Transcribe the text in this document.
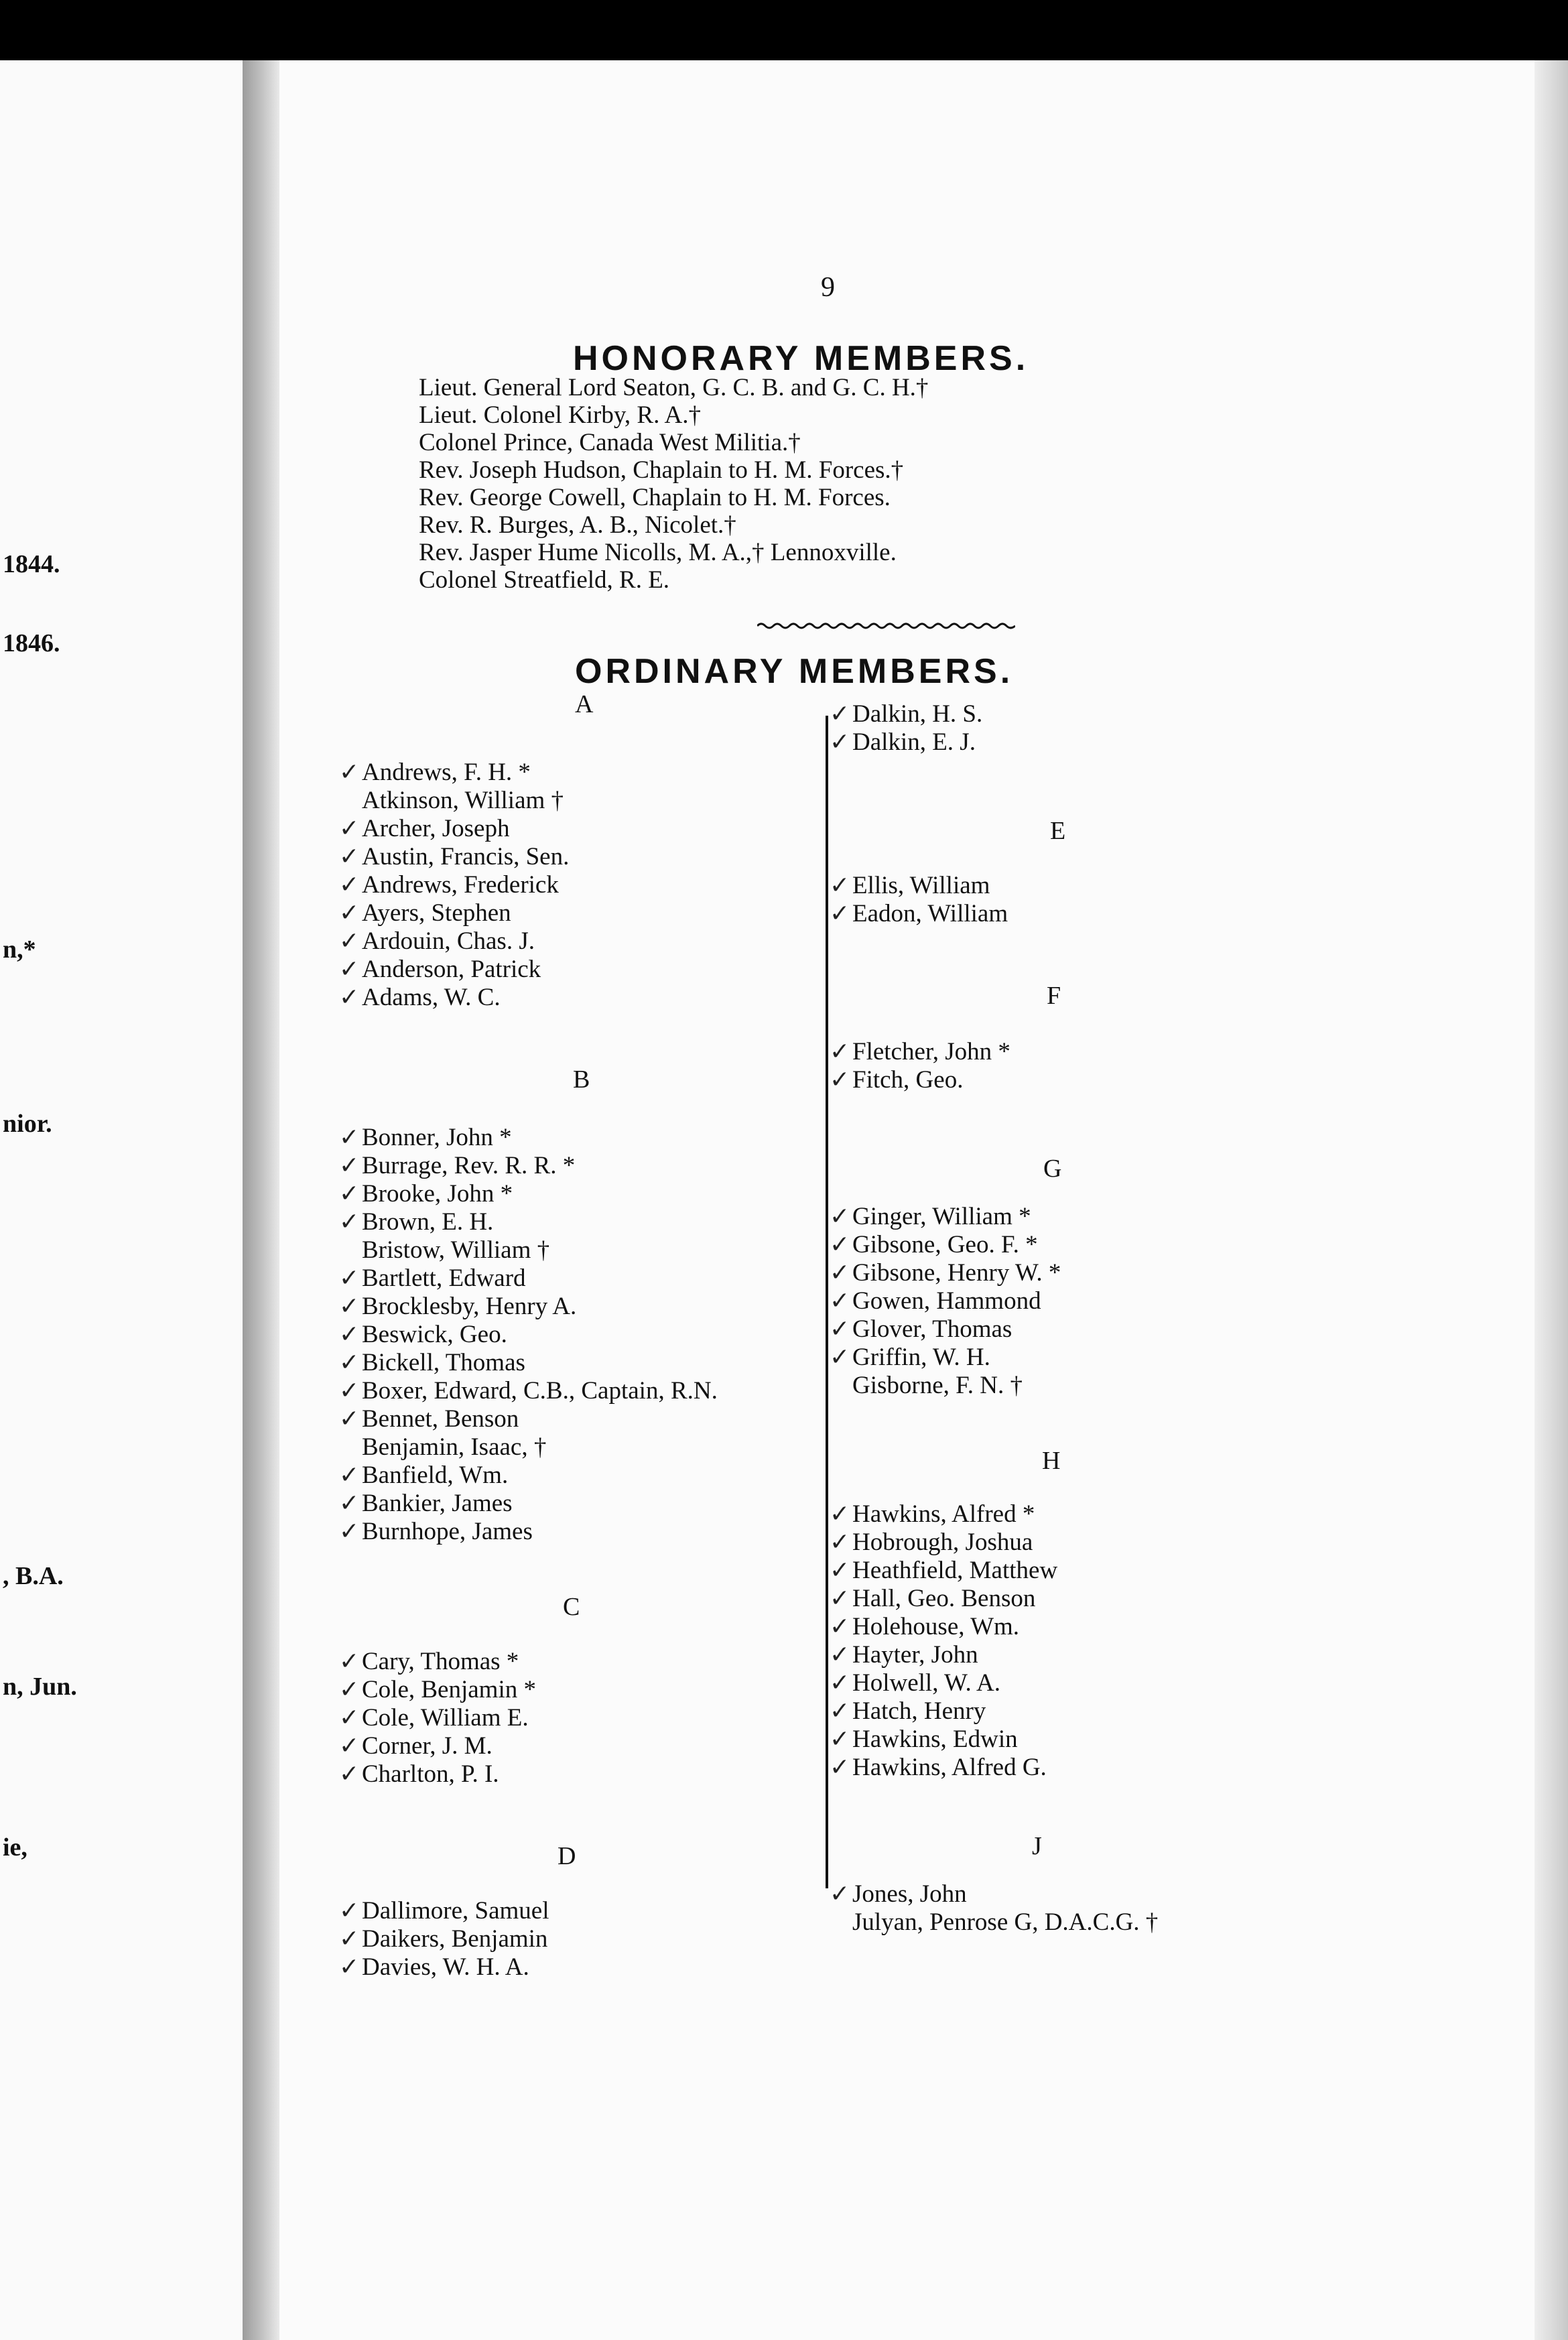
1844.
1846.
n,*
nior.
, B.A.
n, Jun.
ie,
9
HONORARY MEMBERS.
Lieut. General Lord Seaton, G. C. B. and G. C. H.†
Lieut. Colonel Kirby, R. A.†
Colonel Prince, Canada West Militia.†
Rev. Joseph Hudson, Chaplain to H. M. Forces.†
Rev. George Cowell, Chaplain to H. M. Forces.
Rev. R. Burges, A. B., Nicolet.†
Rev. Jasper Hume Nicolls, M. A.,† Lennoxville.
Colonel Streatfield, R. E.
ORDINARY MEMBERS.
A
✓ Andrews, F. H. *
Atkinson, William †
✓ Archer, Joseph
✓ Austin, Francis, Sen.
✓ Andrews, Frederick
✓ Ayers, Stephen
✓ Ardouin, Chas. J.
✓ Anderson, Patrick
✓ Adams, W. C.
B
✓ Bonner, John *
✓ Burrage, Rev. R. R. *
✓ Brooke, John *
✓ Brown, E. H.
Bristow, William †
✓ Bartlett, Edward
✓ Brocklesby, Henry A.
✓ Beswick, Geo.
✓ Bickell, Thomas
✓ Boxer, Edward, C.B., Captain, R.N.
✓ Bennet, Benson
Benjamin, Isaac, †
✓ Banfield, Wm.
✓ Bankier, James
✓ Burnhope, James
C
✓ Cary, Thomas *
✓ Cole, Benjamin *
✓ Cole, William E.
✓ Corner, J. M.
✓ Charlton, P. I.
D
✓ Dallimore, Samuel
✓ Daikers, Benjamin
✓ Davies, W. H. A.
✓ Dalkin, H. S.
✓ Dalkin, E. J.
E
✓ Ellis, William
✓ Eadon, William
F
✓ Fletcher, John *
✓ Fitch, Geo.
G
✓ Ginger, William *
✓ Gibsone, Geo. F. *
✓ Gibsone, Henry W. *
✓ Gowen, Hammond
✓ Glover, Thomas
✓ Griffin, W. H.
Gisborne, F. N. †
H
✓ Hawkins, Alfred *
✓ Hobrough, Joshua
✓ Heathfield, Matthew
✓ Hall, Geo. Benson
✓ Holehouse, Wm.
✓ Hayter, John
✓ Holwell, W. A.
✓ Hatch, Henry
✓ Hawkins, Edwin
✓ Hawkins, Alfred G.
J
✓ Jones, John
Julyan, Penrose G, D.A.C.G. †
